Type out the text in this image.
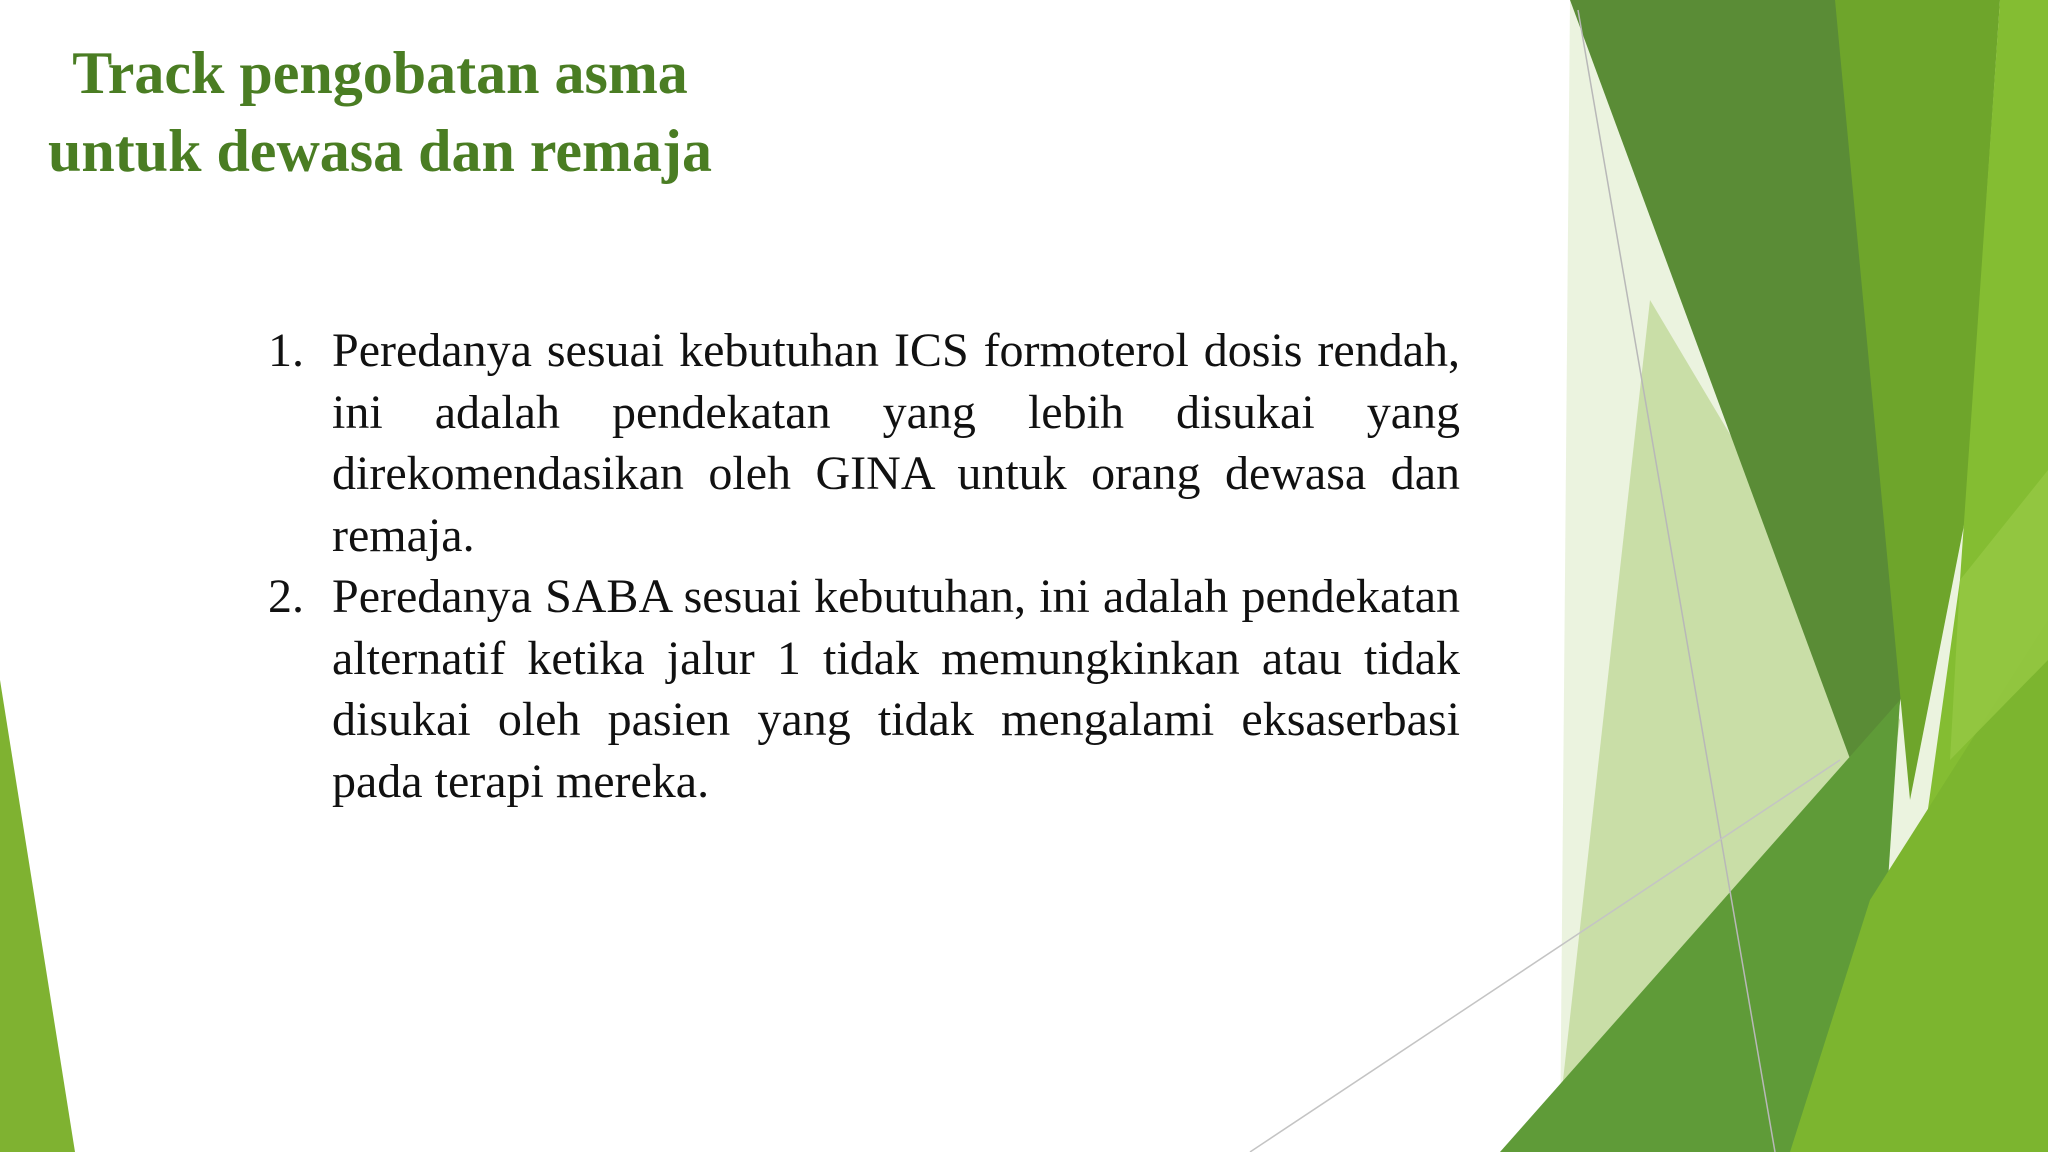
Track pengobatan asma
untuk dewasa dan remaja
1. Peredanya sesuai kebutuhan ICS formoterol dosis rendah, ini adalah pendekatan yang lebih disukai yang direkomendasikan oleh GINA untuk orang dewasa dan remaja.
2. Peredanya SABA sesuai kebutuhan, ini adalah pendekatan alternatif ketika jalur 1 tidak memungkinkan atau tidak disukai oleh pasien yang tidak mengalami eksaserbasi pada terapi mereka.
